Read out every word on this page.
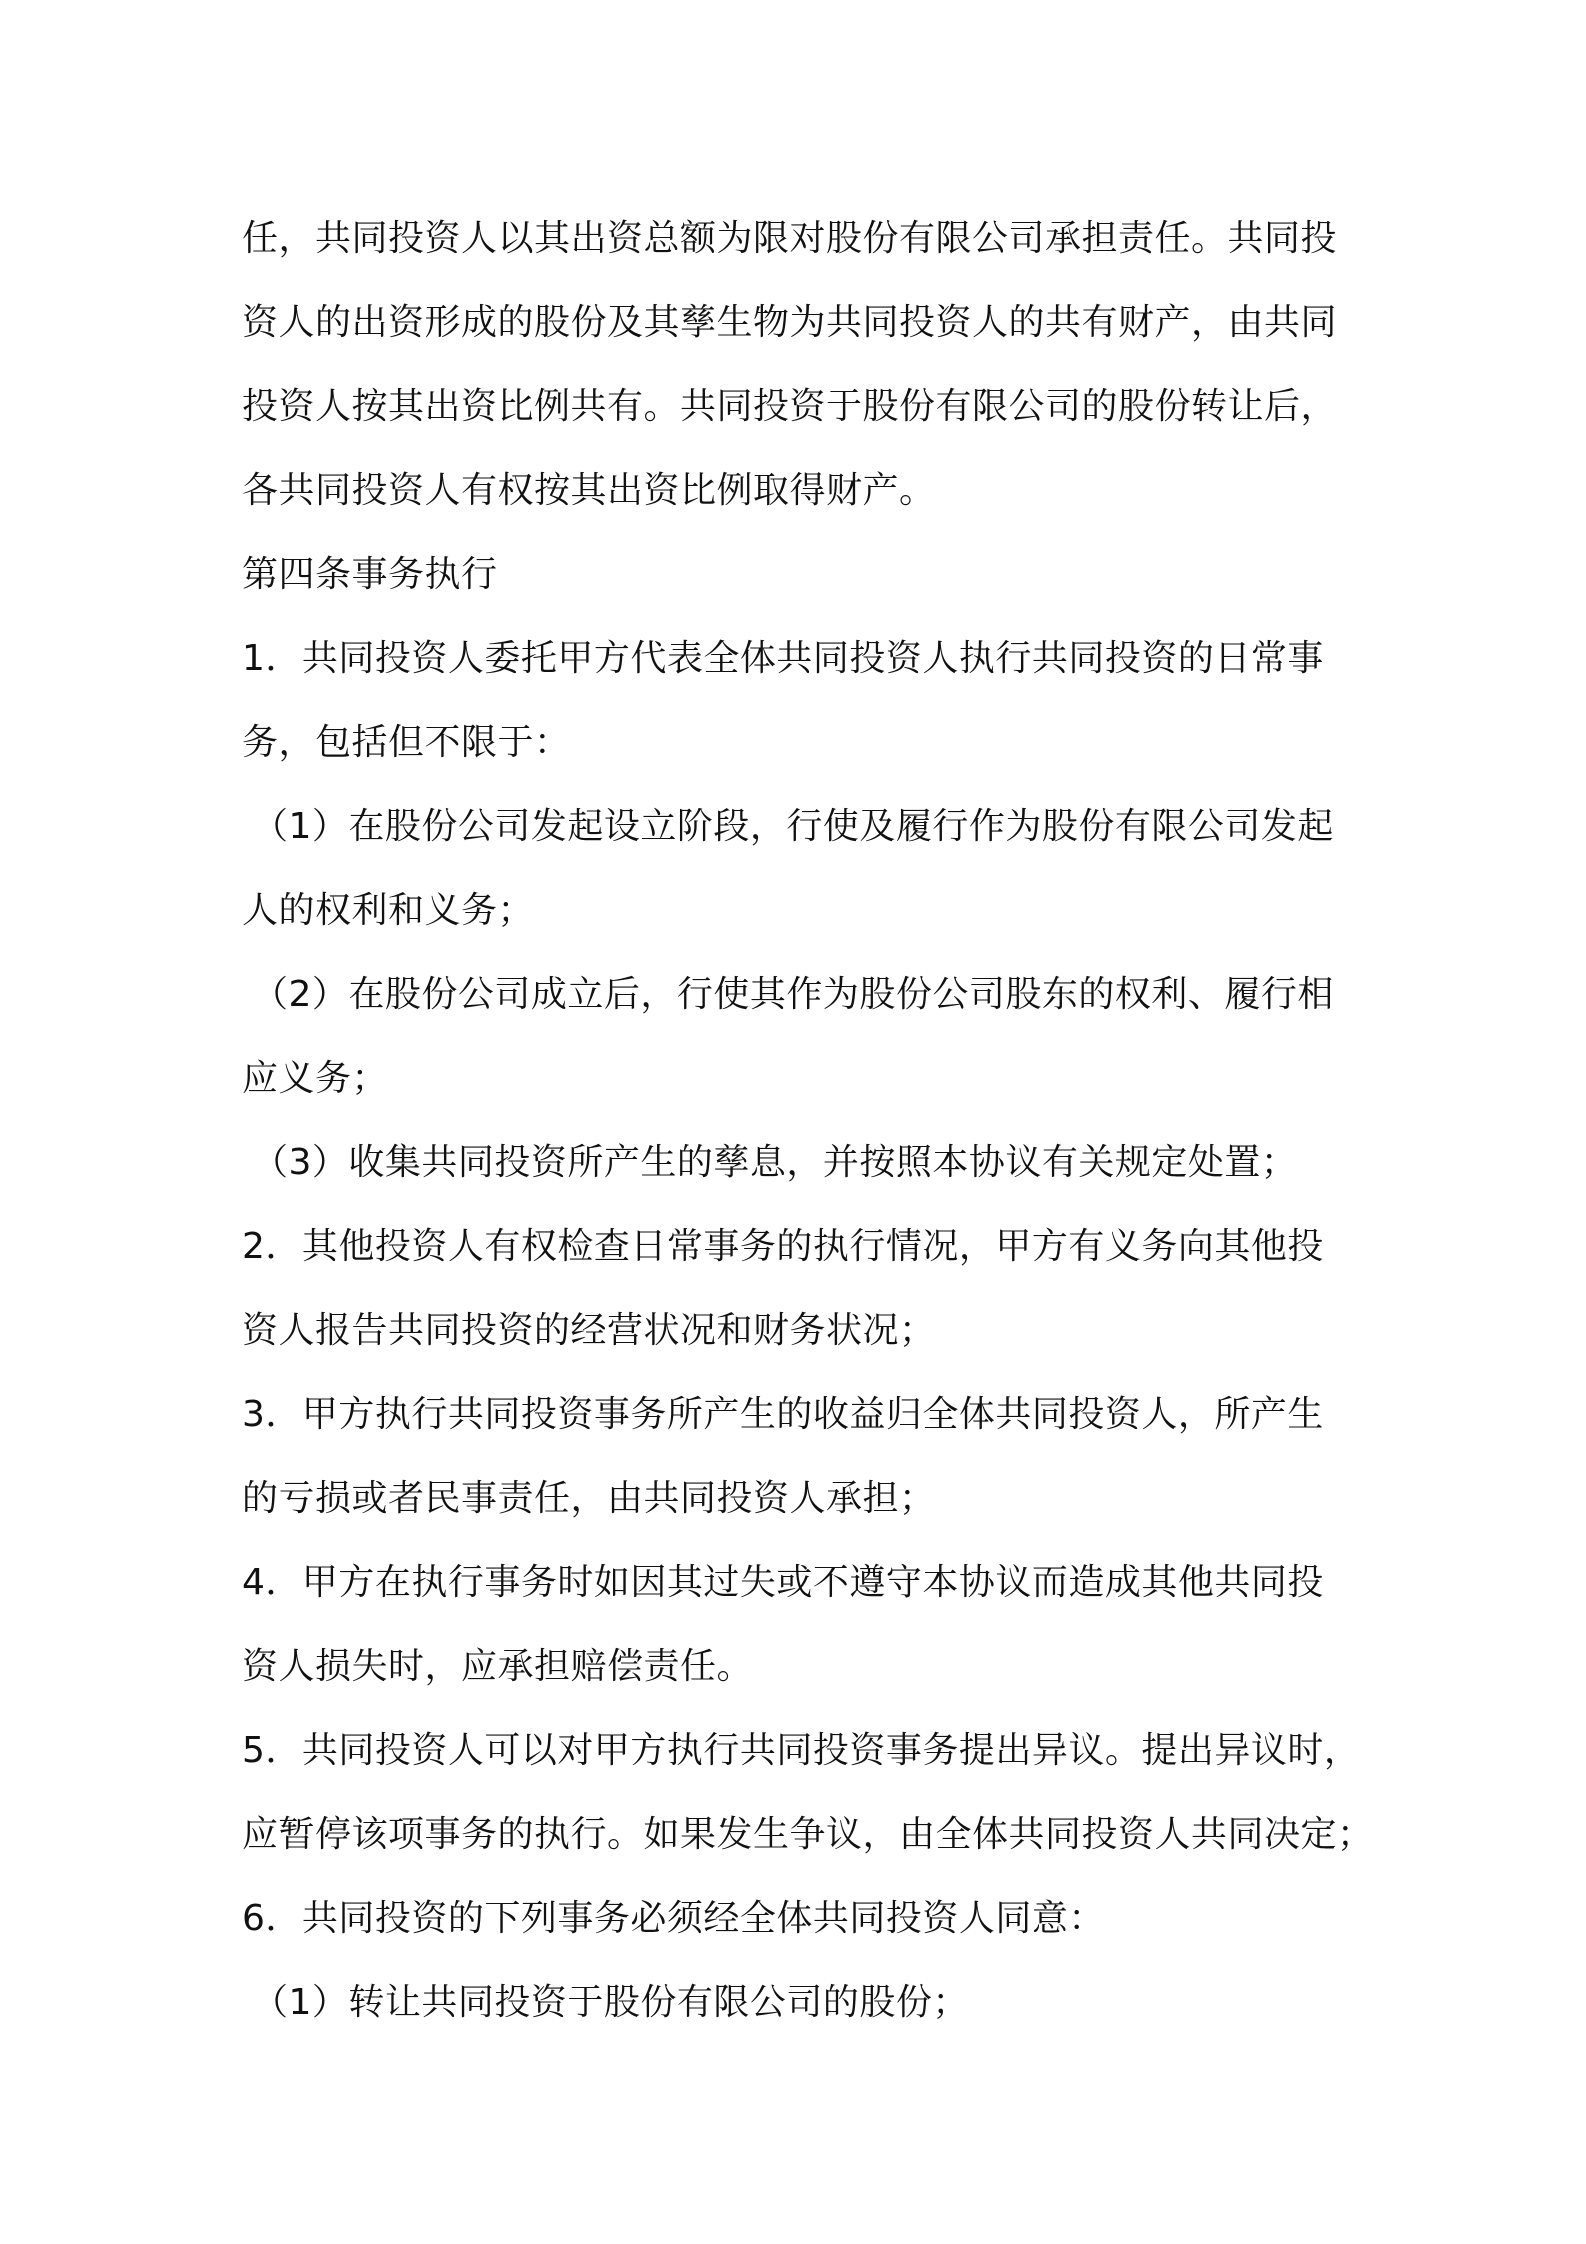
任，共同投资人以其出资总额为限对股份有限公司承担责任。共同投
资人的出资形成的股份及其孳生物为共同投资人的共有财产，由共同
投资人按其出资比例共有。共同投资于股份有限公司的股份转让后，
各共同投资人有权按其出资比例取得财产。
第四条事务执行
1．共同投资人委托甲方代表全体共同投资人执行共同投资的日常事
务，包括但不限于：
（1）在股份公司发起设立阶段，行使及履行作为股份有限公司发起
人的权利和义务；
（2）在股份公司成立后，行使其作为股份公司股东的权利、履行相
应义务；
（3）收集共同投资所产生的孳息，并按照本协议有关规定处置；
2．其他投资人有权检查日常事务的执行情况，甲方有义务向其他投
资人报告共同投资的经营状况和财务状况；
3．甲方执行共同投资事务所产生的收益归全体共同投资人，所产生
的亏损或者民事责任，由共同投资人承担；
4．甲方在执行事务时如因其过失或不遵守本协议而造成其他共同投
资人损失时，应承担赔偿责任。
5．共同投资人可以对甲方执行共同投资事务提出异议。提出异议时，
应暂停该项事务的执行。如果发生争议，由全体共同投资人共同决定；
6．共同投资的下列事务必须经全体共同投资人同意：
（1）转让共同投资于股份有限公司的股份；
